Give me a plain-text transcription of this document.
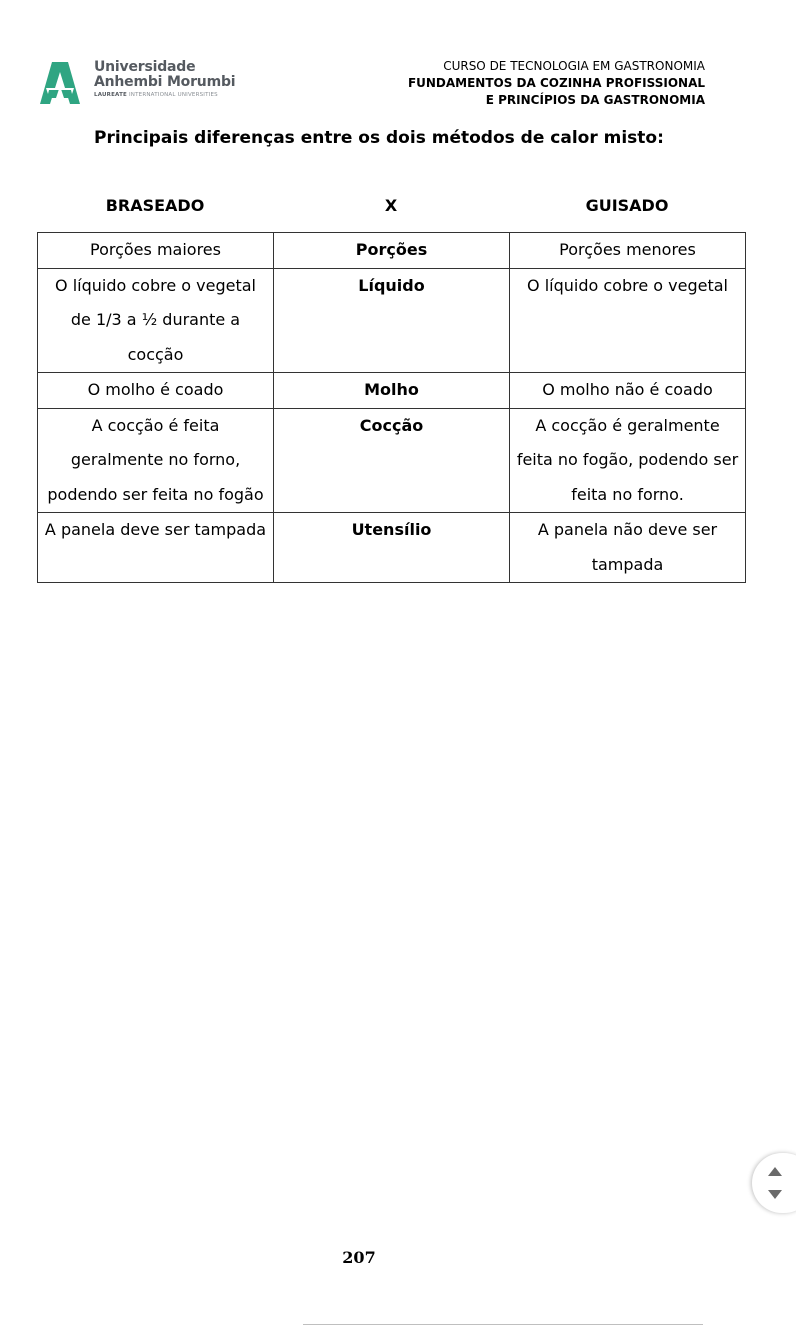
Universidade
Anhembi Morumbi
LAUREATE INTERNATIONAL UNIVERSITIES
CURSO DE TECNOLOGIA EM GASTRONOMIA
FUNDAMENTOS DA COZINHA PROFISSIONAL
E PRINCÍPIOS DA GASTRONOMIA
Principais diferenças entre os dois métodos de calor misto:
BRASEADO	X	GUISADO
Porções maiores	Porções	Porções menores
O líquido cobre o vegetal de 1/3 a ½ durante a cocção	Líquido	O líquido cobre o vegetal
O molho é coado	Molho	O molho não é coado
A cocção é feita geralmente no forno, podendo ser feita no fogão	Cocção	A cocção é geralmente feita no fogão, podendo ser feita no forno.
A panela deve ser tampada	Utensílio	A panela não deve ser tampada
207
